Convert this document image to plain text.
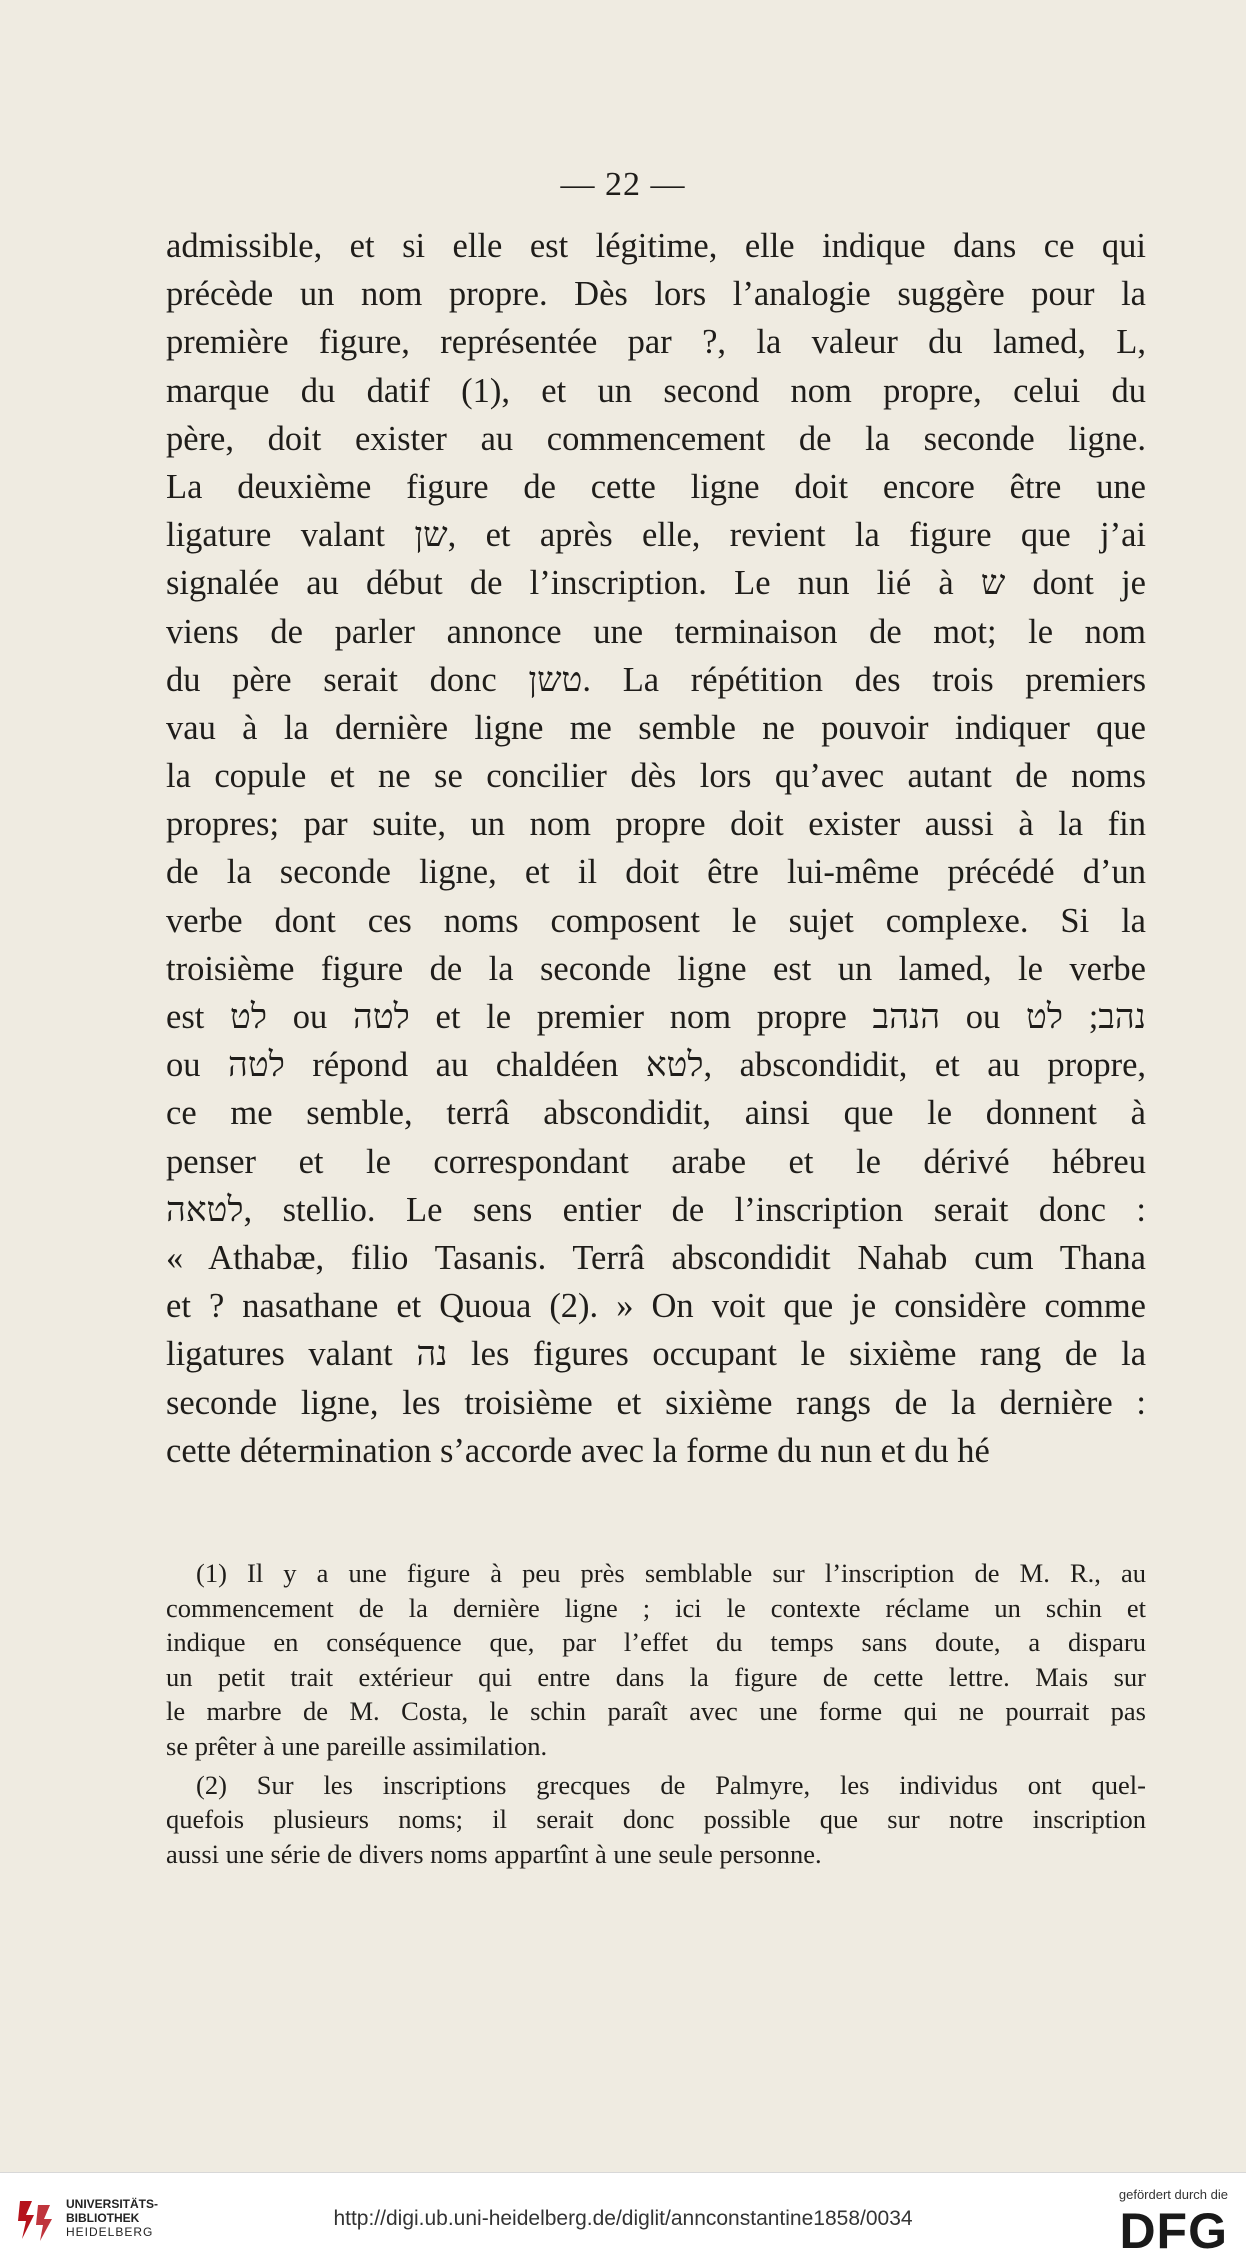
— 22 —
admissible, et si elle est légitime, elle indique dans ce qui
précède un nom propre. Dès lors l’analogie suggère pour la
première figure, représentée par ?, la valeur du lamed, L,
marque du datif (1), et un second nom propre, celui du
père, doit exister au commencement de la seconde ligne.
La deuxième figure de cette ligne doit encore être une
ligature valant שן, et après elle, revient la figure que j’ai
signalée au début de l’inscription. Le nun lié à ש dont je
viens de parler annonce une terminaison de mot; le nom
du père serait donc טשן. La répétition des trois premiers
vau à la dernière ligne me semble ne pouvoir indiquer que
la copule et ne se concilier dès lors qu’avec autant de noms
propres; par suite, un nom propre doit exister aussi à la fin
de la seconde ligne, et il doit être lui-même précédé d’un
verbe dont ces noms composent le sujet complexe. Si la
troisième figure de la seconde ligne est un lamed, le verbe
est לט ou לטה et le premier nom propre הנהב ou נהב; לט
ou לטה répond au chaldéen לטא, abscondidit, et au propre,
ce me semble, terrâ abscondidit, ainsi que le donnent à
penser et le correspondant arabe et le dérivé hébreu
לטאה, stellio. Le sens entier de l’inscription serait donc :
« Athabæ, filio Tasanis. Terrâ abscondidit Nahab cum Thana
et ? nasathane et Quoua (2). » On voit que je considère comme
ligatures valant נה les figures occupant le sixième rang de la
seconde ligne, les troisième et sixième rangs de la dernière :
cette détermination s’accorde avec la forme du nun et du hé
(1) Il y a une figure à peu près semblable sur l’inscription de M. R., au
commencement de la dernière ligne ; ici le contexte réclame un schin et
indique en conséquence que, par l’effet du temps sans doute, a disparu
un petit trait extérieur qui entre dans la figure de cette lettre. Mais sur
le marbre de M. Costa, le schin paraît avec une forme qui ne pourrait pas
se prêter à une pareille assimilation.
(2) Sur les inscriptions grecques de Palmyre, les individus ont quel-
quefois plusieurs noms; il serait donc possible que sur notre inscription
aussi une série de divers noms appartînt à une seule personne.
UNIVERSITÄTS-
BIBLIOTHEK
HEIDELBERG
http://digi.ub.uni-heidelberg.de/diglit/annconstantine1858/0034
gefördert durch die
DFG
